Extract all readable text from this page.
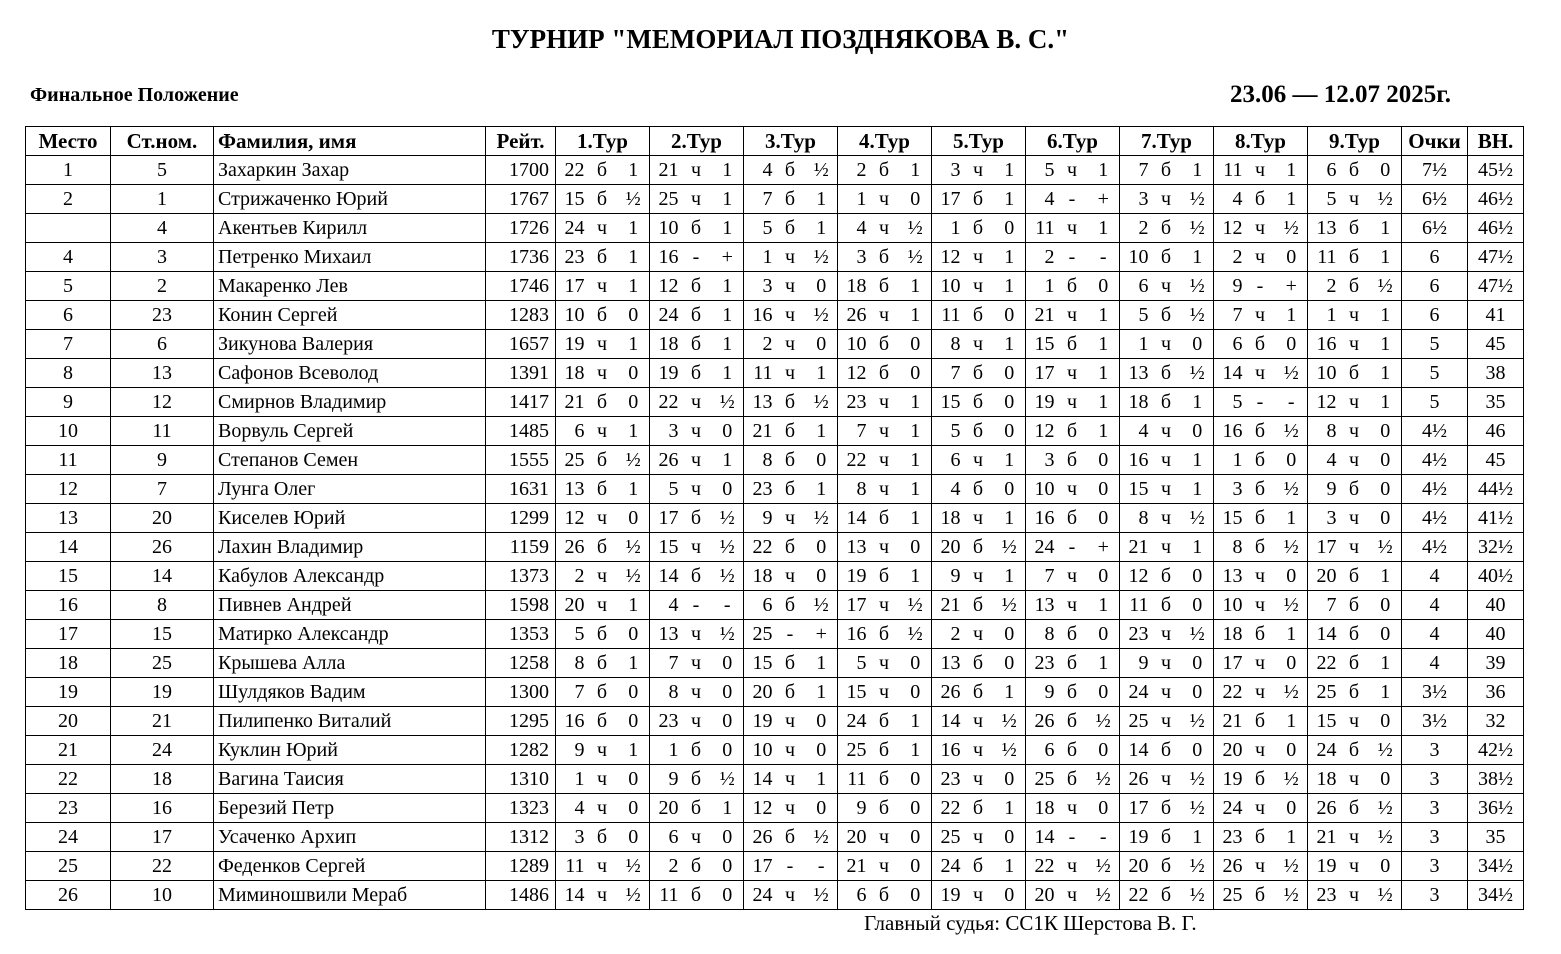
ТУРНИР "МЕМОРИАЛ ПОЗДНЯКОВА В. С."
Финальное Положение	23.06 — 12.07 2025г.
Место	Ст.ном.	Фамилия, имя	Рейт.	1.Тур			2.Тур			3.Тур			4.Тур			5.Тур			6.Тур			7.Тур			8.Тур			9.Тур			Очки	ВН.
1	5	Захаркин Захар	1700	22	б	1	21	ч	1	4	б	½	2	б	1	3	ч	1	5	ч	1	7	б	1	11	ч	1	6	б	0	7½	45½
2	1	Стрижаченко Юрий	1767	15	б	½	25	ч	1	7	б	1	1	ч	0	17	б	1	4	-	+	3	ч	½	4	б	1	5	ч	½	6½	46½
	4	Акентьев Кирилл	1726	24	ч	1	10	б	1	5	б	1	4	ч	½	1	б	0	11	ч	1	2	б	½	12	ч	½	13	б	1	6½	46½
4	3	Петренко Михаил	1736	23	б	1	16	-	+	1	ч	½	3	б	½	12	ч	1	2	-	-	10	б	1	2	ч	0	11	б	1	6	47½
5	2	Макаренко Лев	1746	17	ч	1	12	б	1	3	ч	0	18	б	1	10	ч	1	1	б	0	6	ч	½	9	-	+	2	б	½	6	47½
6	23	Конин Сергей	1283	10	б	0	24	б	1	16	ч	½	26	ч	1	11	б	0	21	ч	1	5	б	½	7	ч	1	1	ч	1	6	41
7	6	Зикунова Валерия	1657	19	ч	1	18	б	1	2	ч	0	10	б	0	8	ч	1	15	б	1	1	ч	0	6	б	0	16	ч	1	5	45
8	13	Сафонов Всеволод	1391	18	ч	0	19	б	1	11	ч	1	12	б	0	7	б	0	17	ч	1	13	б	½	14	ч	½	10	б	1	5	38
9	12	Смирнов Владимир	1417	21	б	0	22	ч	½	13	б	½	23	ч	1	15	б	0	19	ч	1	18	б	1	5	-	-	12	ч	1	5	35
10	11	Ворвуль Сергей	1485	6	ч	1	3	ч	0	21	б	1	7	ч	1	5	б	0	12	б	1	4	ч	0	16	б	½	8	ч	0	4½	46
11	9	Степанов Семен	1555	25	б	½	26	ч	1	8	б	0	22	ч	1	6	ч	1	3	б	0	16	ч	1	1	б	0	4	ч	0	4½	45
12	7	Лунга Олег	1631	13	б	1	5	ч	0	23	б	1	8	ч	1	4	б	0	10	ч	0	15	ч	1	3	б	½	9	б	0	4½	44½
13	20	Киселев Юрий	1299	12	ч	0	17	б	½	9	ч	½	14	б	1	18	ч	1	16	б	0	8	ч	½	15	б	1	3	ч	0	4½	41½
14	26	Лахин Владимир	1159	26	б	½	15	ч	½	22	б	0	13	ч	0	20	б	½	24	-	+	21	ч	1	8	б	½	17	ч	½	4½	32½
15	14	Кабулов Александр	1373	2	ч	½	14	б	½	18	ч	0	19	б	1	9	ч	1	7	ч	0	12	б	0	13	ч	0	20	б	1	4	40½
16	8	Пивнев Андрей	1598	20	ч	1	4	-	-	6	б	½	17	ч	½	21	б	½	13	ч	1	11	б	0	10	ч	½	7	б	0	4	40
17	15	Матирко Александр	1353	5	б	0	13	ч	½	25	-	+	16	б	½	2	ч	0	8	б	0	23	ч	½	18	б	1	14	б	0	4	40
18	25	Крышева Алла	1258	8	б	1	7	ч	0	15	б	1	5	ч	0	13	б	0	23	б	1	9	ч	0	17	ч	0	22	б	1	4	39
19	19	Шулдяков Вадим	1300	7	б	0	8	ч	0	20	б	1	15	ч	0	26	б	1	9	б	0	24	ч	0	22	ч	½	25	б	1	3½	36
20	21	Пилипенко Виталий	1295	16	б	0	23	ч	0	19	ч	0	24	б	1	14	ч	½	26	б	½	25	ч	½	21	б	1	15	ч	0	3½	32
21	24	Куклин Юрий	1282	9	ч	1	1	б	0	10	ч	0	25	б	1	16	ч	½	6	б	0	14	б	0	20	ч	0	24	б	½	3	42½
22	18	Вагина Таисия	1310	1	ч	0	9	б	½	14	ч	1	11	б	0	23	ч	0	25	б	½	26	ч	½	19	б	½	18	ч	0	3	38½
23	16	Березий Петр	1323	4	ч	0	20	б	1	12	ч	0	9	б	0	22	б	1	18	ч	0	17	б	½	24	ч	0	26	б	½	3	36½
24	17	Усаченко Архип	1312	3	б	0	6	ч	0	26	б	½	20	ч	0	25	ч	0	14	-	-	19	б	1	23	б	1	21	ч	½	3	35
25	22	Феденков Сергей	1289	11	ч	½	2	б	0	17	-	-	21	ч	0	24	б	1	22	ч	½	20	б	½	26	ч	½	19	ч	0	3	34½
26	10	Миминошвили Мераб	1486	14	ч	½	11	б	0	24	ч	½	6	б	0	19	ч	0	20	ч	½	22	б	½	25	б	½	23	ч	½	3	34½
Главный судья: СС1К Шерстова В. Г.
